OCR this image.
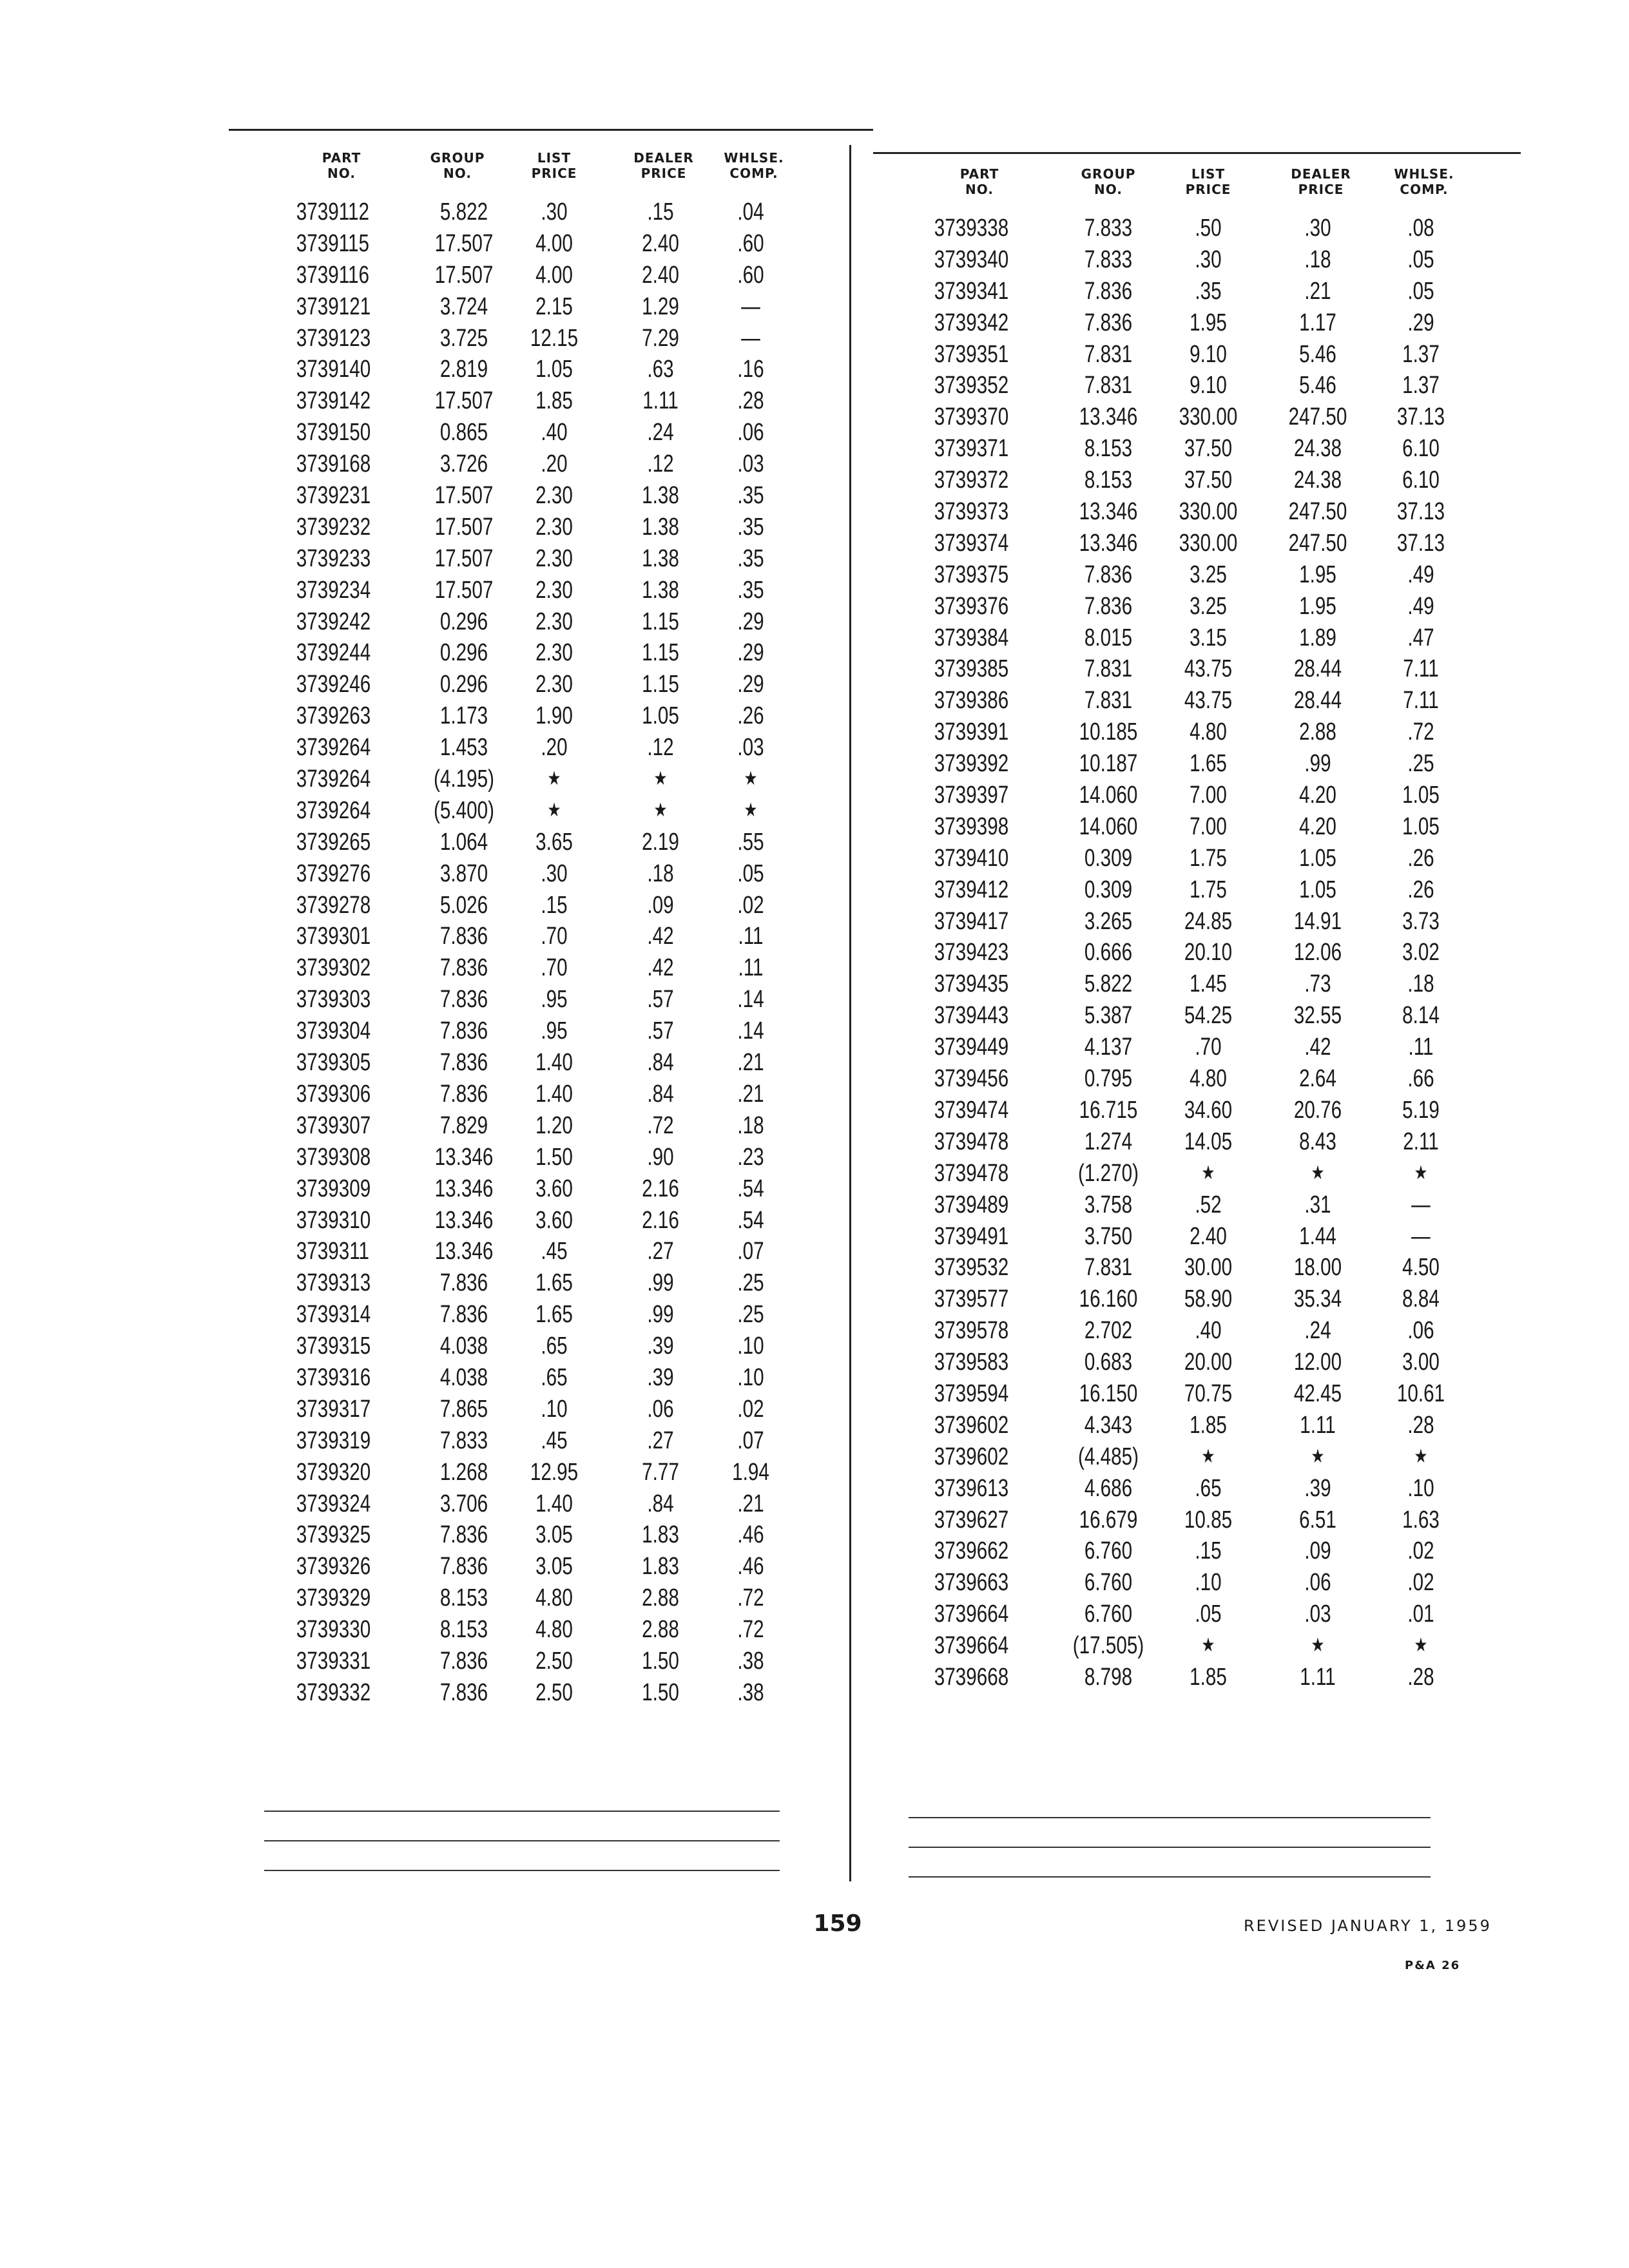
PART
NO.
GROUP
NO.
LIST
PRICE
DEALER
PRICE
WHLSE.
COMP.
3739112	5.822	.30	.15	.04
3739115	17.507	4.00	2.40	.60
3739116	17.507	4.00	2.40	.60
3739121	3.724	2.15	1.29	—
3739123	3.725	12.15	7.29	—
3739140	2.819	1.05	.63	.16
3739142	17.507	1.85	1.11	.28
3739150	0.865	.40	.24	.06
3739168	3.726	.20	.12	.03
3739231	17.507	2.30	1.38	.35
3739232	17.507	2.30	1.38	.35
3739233	17.507	2.30	1.38	.35
3739234	17.507	2.30	1.38	.35
3739242	0.296	2.30	1.15	.29
3739244	0.296	2.30	1.15	.29
3739246	0.296	2.30	1.15	.29
3739263	1.173	1.90	1.05	.26
3739264	1.453	.20	.12	.03
3739264	(4.195)	★	★	★
3739264	(5.400)	★	★	★
3739265	1.064	3.65	2.19	.55
3739276	3.870	.30	.18	.05
3739278	5.026	.15	.09	.02
3739301	7.836	.70	.42	.11
3739302	7.836	.70	.42	.11
3739303	7.836	.95	.57	.14
3739304	7.836	.95	.57	.14
3739305	7.836	1.40	.84	.21
3739306	7.836	1.40	.84	.21
3739307	7.829	1.20	.72	.18
3739308	13.346	1.50	.90	.23
3739309	13.346	3.60	2.16	.54
3739310	13.346	3.60	2.16	.54
3739311	13.346	.45	.27	.07
3739313	7.836	1.65	.99	.25
3739314	7.836	1.65	.99	.25
3739315	4.038	.65	.39	.10
3739316	4.038	.65	.39	.10
3739317	7.865	.10	.06	.02
3739319	7.833	.45	.27	.07
3739320	1.268	12.95	7.77	1.94
3739324	3.706	1.40	.84	.21
3739325	7.836	3.05	1.83	.46
3739326	7.836	3.05	1.83	.46
3739329	8.153	4.80	2.88	.72
3739330	8.153	4.80	2.88	.72
3739331	7.836	2.50	1.50	.38
3739332	7.836	2.50	1.50	.38
PART
NO.
GROUP
NO.
LIST
PRICE
DEALER
PRICE
WHLSE.
COMP.
3739338	7.833	.50	.30	.08
3739340	7.833	.30	.18	.05
3739341	7.836	.35	.21	.05
3739342	7.836	1.95	1.17	.29
3739351	7.831	9.10	5.46	1.37
3739352	7.831	9.10	5.46	1.37
3739370	13.346	330.00	247.50	37.13
3739371	8.153	37.50	24.38	6.10
3739372	8.153	37.50	24.38	6.10
3739373	13.346	330.00	247.50	37.13
3739374	13.346	330.00	247.50	37.13
3739375	7.836	3.25	1.95	.49
3739376	7.836	3.25	1.95	.49
3739384	8.015	3.15	1.89	.47
3739385	7.831	43.75	28.44	7.11
3739386	7.831	43.75	28.44	7.11
3739391	10.185	4.80	2.88	.72
3739392	10.187	1.65	.99	.25
3739397	14.060	7.00	4.20	1.05
3739398	14.060	7.00	4.20	1.05
3739410	0.309	1.75	1.05	.26
3739412	0.309	1.75	1.05	.26
3739417	3.265	24.85	14.91	3.73
3739423	0.666	20.10	12.06	3.02
3739435	5.822	1.45	.73	.18
3739443	5.387	54.25	32.55	8.14
3739449	4.137	.70	.42	.11
3739456	0.795	4.80	2.64	.66
3739474	16.715	34.60	20.76	5.19
3739478	1.274	14.05	8.43	2.11
3739478	(1.270)	★	★	★
3739489	3.758	.52	.31	—
3739491	3.750	2.40	1.44	—
3739532	7.831	30.00	18.00	4.50
3739577	16.160	58.90	35.34	8.84
3739578	2.702	.40	.24	.06
3739583	0.683	20.00	12.00	3.00
3739594	16.150	70.75	42.45	10.61
3739602	4.343	1.85	1.11	.28
3739602	(4.485)	★	★	★
3739613	4.686	.65	.39	.10
3739627	16.679	10.85	6.51	1.63
3739662	6.760	.15	.09	.02
3739663	6.760	.10	.06	.02
3739664	6.760	.05	.03	.01
3739664	(17.505)	★	★	★
3739668	8.798	1.85	1.11	.28
159	REVISED JANUARY 1, 1959
P&A 26
